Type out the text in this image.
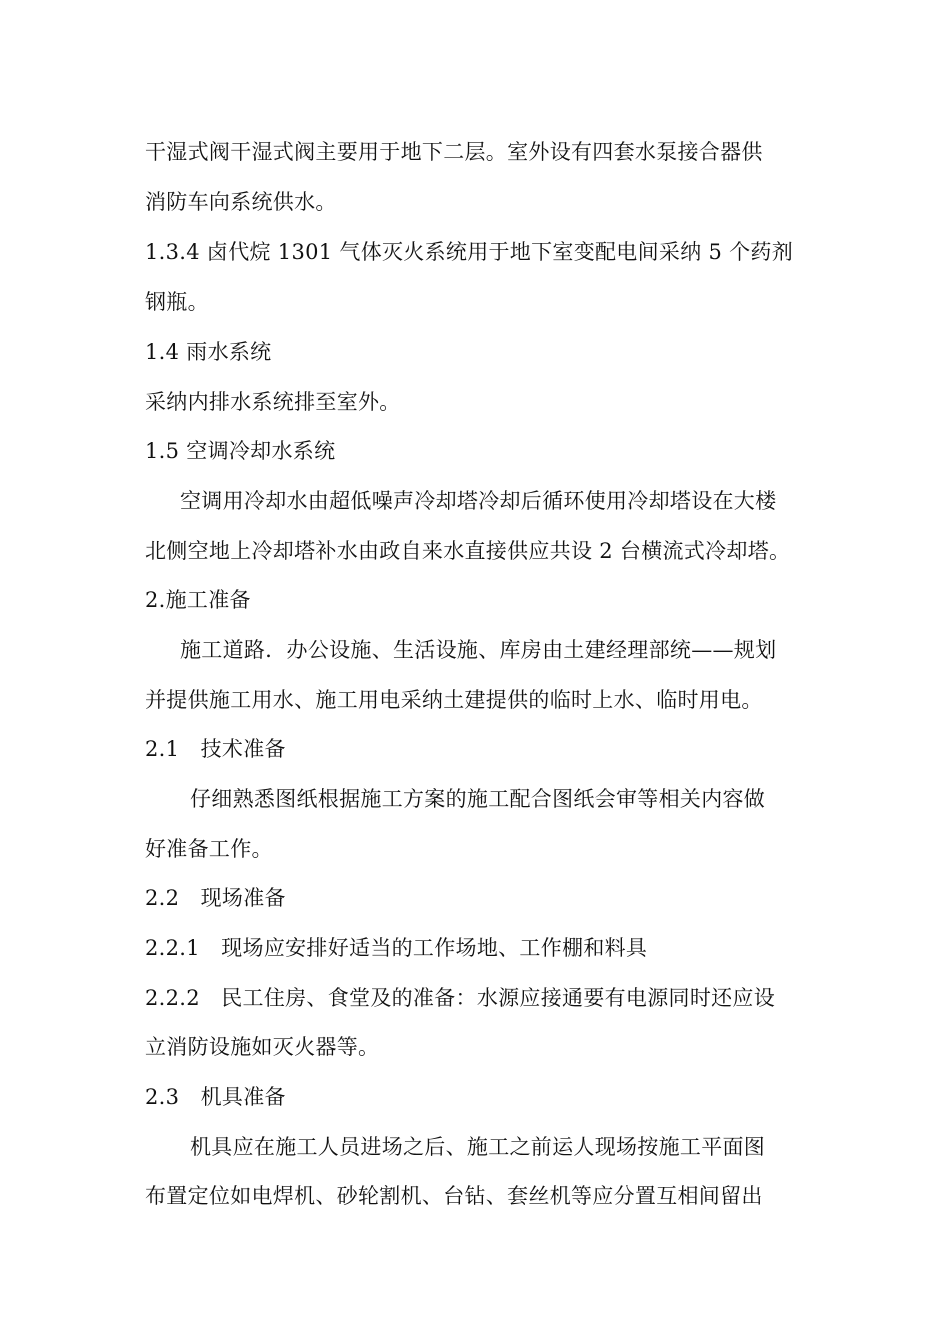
干湿式阀干湿式阀主要用于地下二层。室外设有四套水泵接合器供
消防车向系统供水。
1.3.4 卤代烷 1301 气体灭火系统用于地下室变配电间采纳 5 个药剂
钢瓶。
1.4 雨水系统
采纳内排水系统排至室外。
1.5 空调冷却水系统
空调用冷却水由超低噪声冷却塔冷却后循环使用冷却塔设在大楼
北侧空地上冷却塔补水由政自来水直接供应共设 2 台横流式冷却塔。
2.施工准备
施工道路．办公设施、生活设施、库房由土建经理部统——规划
并提供施工用水、施工用电采纳土建提供的临时上水、临时用电。
2.1　技术准备
仔细熟悉图纸根据施工方案的施工配合图纸会审等相关内容做
好准备工作。
2.2　现场准备
2.2.1　现场应安排好适当的工作场地、工作棚和料具
2.2.2　民工住房、食堂及的准备：水源应接通要有电源同时还应设
立消防设施如灭火器等。
2.3　机具准备
机具应在施工人员进场之后、施工之前运人现场按施工平面图
布置定位如电焊机、砂轮割机、台钻、套丝机等应分置互相间留出
